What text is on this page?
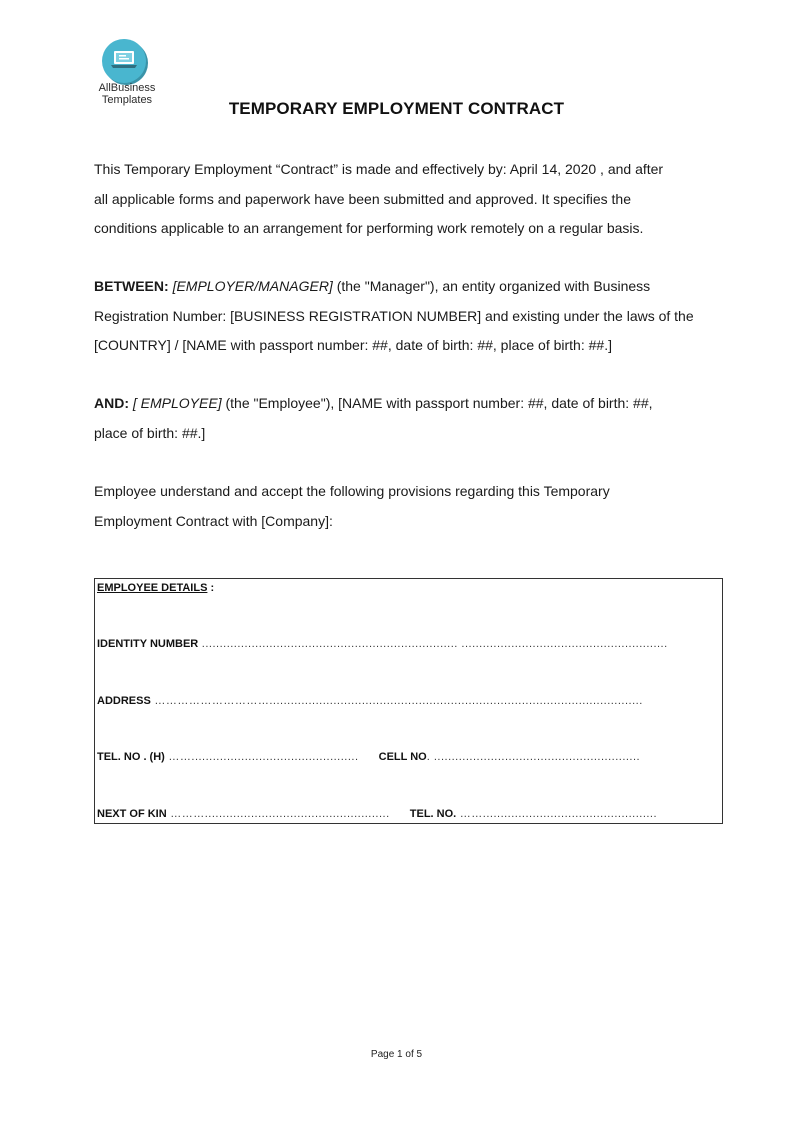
AllBusiness
Templates	TEMPORARY EMPLOYMENT CONTRACT
This Temporary Employment “Contract” is made and effectively by: April 14, 2020 , and after
all applicable forms and paperwork have been submitted and approved. It specifies the
conditions applicable to an arrangement for performing work remotely on a regular basis.
BETWEEN: [EMPLOYER/MANAGER] (the "Manager"), an entity organized with Business
Registration Number: [BUSINESS REGISTRATION NUMBER] and existing under the laws of the
[COUNTRY] / [NAME with passport number: ##, date of birth: ##, place of birth: ##.]
AND: [ EMPLOYEE] (the "Employee"), [NAME with passport number: ##, date of birth: ##,
place of birth: ##.]
Employee understand and accept the following provisions regarding this Temporary
Employment Contract with [Company]:
EMPLOYEE DETAILS :
IDENTITY NUMBER ........................................................................ ..........................................................
ADDRESS ………………………….........................................................................................................
TEL. NO . (H) ……............................................... CELL NO. ..........................................................
NEXT OF KIN ……….................................................... TEL. NO. …….................................................
Page 1 of 5
